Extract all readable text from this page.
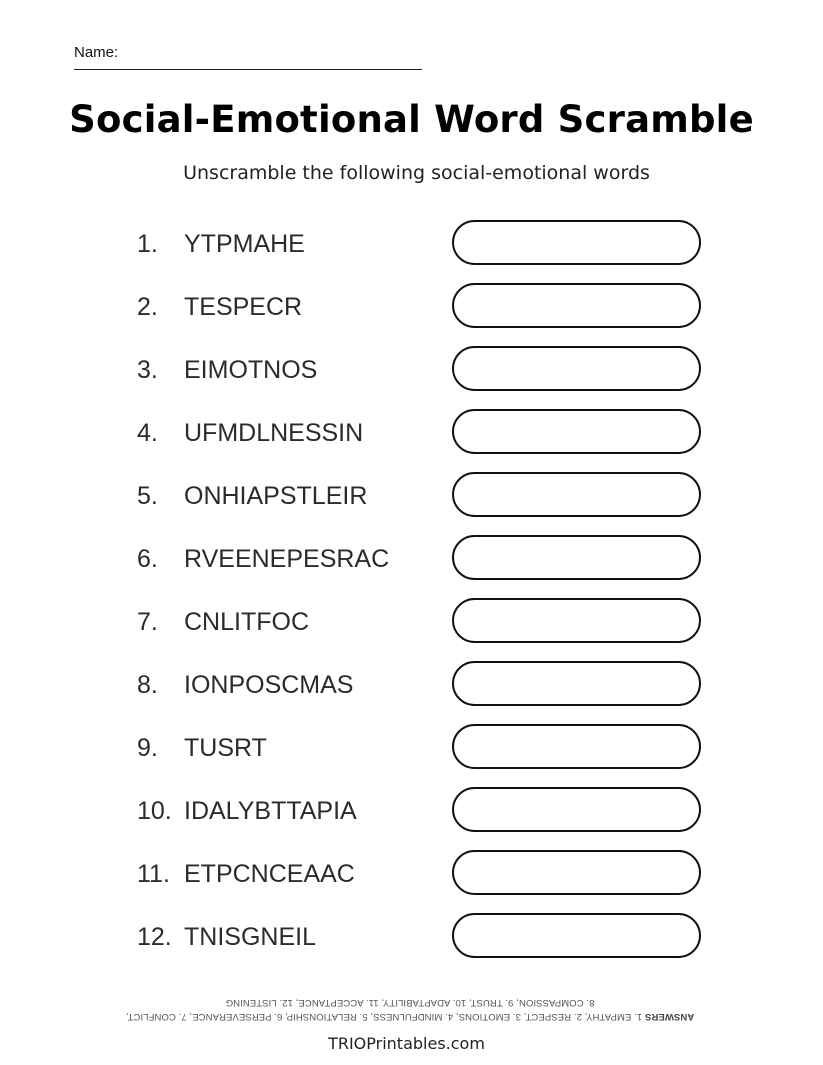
Name:
Social-Emotional Word Scramble
Unscramble the following social-emotional words
1. YTPMAHE
2. TESPECR
3. EIMOTNOS
4. UFMDLNESSIN
5. ONHIAPSTLEIR
6. RVEENEPESRAC
7. CNLITFOC
8. IONPOSCMAS
9. TUSRT
10. IDALYBTTAPIA
11. ETPCNCEAAC
12. TNISGNEIL
ANSWERS 1. EMPATHY, 2. RESPECT, 3. EMOTIONS, 4. MINDFULNESS, 5. RELATIONSHIP, 6. PERSEVERANCE, 7. CONFLICT,
8. COMPASSION, 9. TRUST, 10. ADAPTABILITY, 11. ACCEPTANCE, 12. LISTENING
TRIOPrintables.com
